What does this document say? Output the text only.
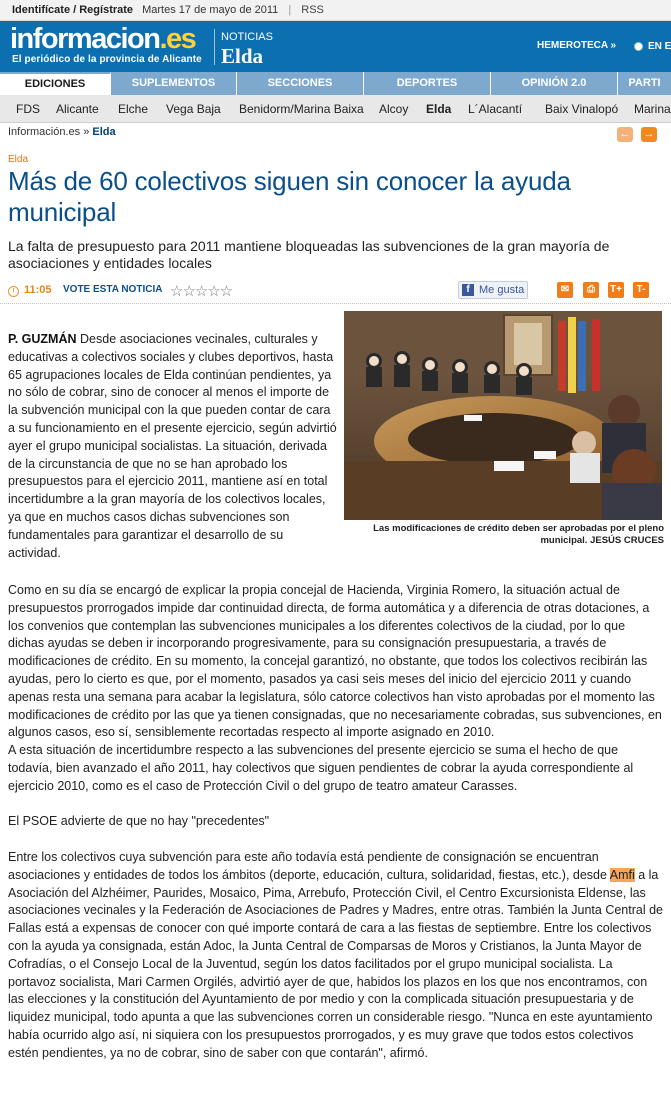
Identifícate / Regístrate Martes 17 de mayo de 2011 | RSS
informacion.es
El periódico de la provincia de Alicante
NOTICIAS
Elda	HEMEROTECA »	EN E
EDICIONES	SUPLEMENTOS	SECCIONES	DEPORTES	OPINIÓN 2.0	PARTI
FDS Alicante Elche Vega Baja Benidorm/Marina Baixa Alcoy Elda L´Alacantí Baix Vinalopó Marina
Información.es » Elda	← →
Elda
Más de 60 colectivos siguen sin conocer la ayuda municipal
La falta de presupuesto para 2011 mantiene bloqueadas las subvenciones de la gran mayoría de asociaciones y entidades locales
11:05 VOTE ESTA NOTICIA ☆☆☆☆☆	f Me gusta	✉	⎙	T+	T-
Las modificaciones de crédito deben ser aprobadas por el pleno municipal. JESÚS CRUCES
P. GUZMÁN Desde asociaciones vecinales, culturales y educativas a colectivos sociales y clubes deportivos, hasta 65 agrupaciones locales de Elda continúan pendientes, ya no sólo de cobrar, sino de conocer al menos el importe de la subvención municipal con la que pueden contar de cara a su funcionamiento en el presente ejercicio, según advirtió ayer el grupo municipal socialistas. La situación, derivada de la circunstancia de que no se han aprobado los presupuestos para el ejercicio 2011, mantiene así en total incertidumbre a la gran mayoría de los colectivos locales, ya que en muchos casos dichas subvenciones son fundamentales para garantizar el desarrollo de su actividad.

Como en su día se encargó de explicar la propia concejal de Hacienda, Virginia Romero, la situación actual de presupuestos prorrogados impide dar continuidad directa, de forma automática y a diferencia de otras dotaciones, a los convenios que contemplan las subvenciones municipales a los diferentes colectivos de la ciudad, por lo que dichas ayudas se deben ir incorporando progresivamente, para su consignación presupuestaria, a través de modificaciones de crédito. En su momento, la concejal garantizó, no obstante, que todos los colectivos recibirán las ayudas, pero lo cierto es que, por el momento, pasados ya casi seis meses del inicio del ejercicio 2011 y cuando apenas resta una semana para acabar la legislatura, sólo catorce colectivos han visto aprobadas por el momento las modificaciones de crédito por las que ya tienen consignadas, que no necesariamente cobradas, sus subvenciones, en algunos casos, eso sí, sensiblemente recortadas respecto al importe asignado en 2010.

A esta situación de incertidumbre respecto a las subvenciones del presente ejercicio se suma el hecho de que todavía, bien avanzado el año 2011, hay colectivos que siguen pendientes de cobrar la ayuda correspondiente al ejercicio 2010, como es el caso de Protección Civil o del grupo de teatro amateur Carasses.

El PSOE advierte de que no hay "precedentes"

Entre los colectivos cuya subvención para este año todavía está pendiente de consignación se encuentran asociaciones y entidades de todos los ámbitos (deporte, educación, cultura, solidaridad, fiestas, etc.), desde Amfi a la Asociación del Alzhéimer, Paurides, Mosaico, Pima, Arrebufo, Protección Civil, el Centro Excursionista Eldense, las asociaciones vecinales y la Federación de Asociaciones de Padres y Madres, entre otras. También la Junta Central de Fallas está a expensas de conocer con qué importe contará de cara a las fiestas de septiembre. Entre los colectivos con la ayuda ya consignada, están Adoc, la Junta Central de Comparsas de Moros y Cristianos, la Junta Mayor de Cofradías, o el Consejo Local de la Juventud, según los datos facilitados por el grupo municipal socialista. La portavoz socialista, Mari Carmen Orgilés, advirtió ayer de que, habidos los plazos en los que nos encontramos, con las elecciones y la constitución del Ayuntamiento de por medio y con la complicada situación presupuestaria y de liquidez municipal, todo apunta a que las subvenciones corren un considerable riesgo. "Nunca en este ayuntamiento había ocurrido algo así, ni siquiera con los presupuestos prorrogados, y es muy grave que todos estos colectivos estén pendientes, ya no de cobrar, sino de saber con que contarán", afirmó.
